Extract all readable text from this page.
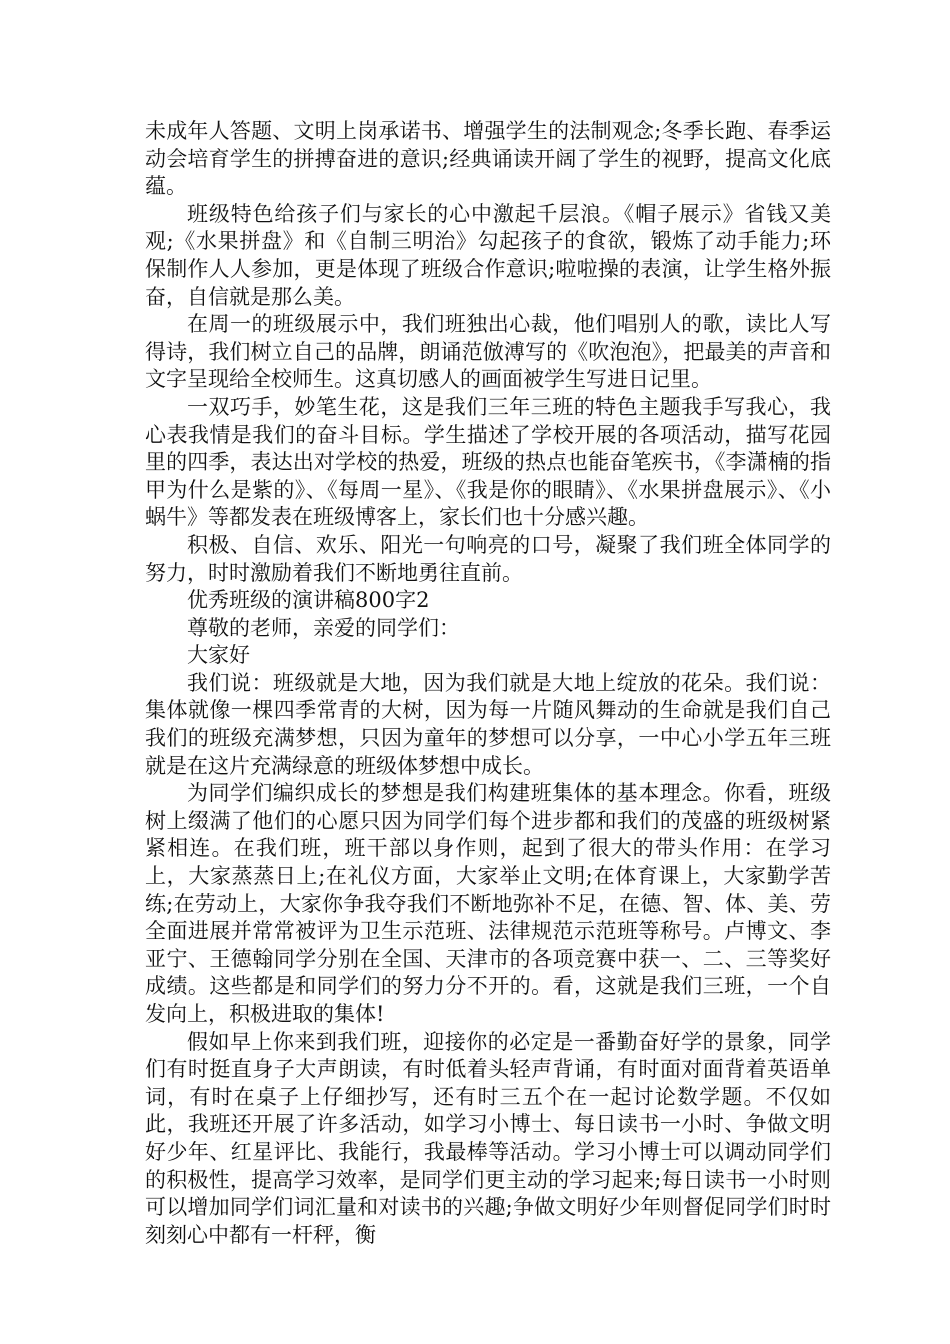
未成年人答题、文明上岗承诺书、增强学生的法制观念;冬季长跑、春季运动会培育学生的拼搏奋进的意识;经典诵读开阔了学生的视野，提高文化底蕴。

班级特色给孩子们与家长的心中激起千层浪。《帽子展示》省钱又美观;《水果拼盘》和《自制三明治》勾起孩子的食欲，锻炼了动手能力;环保制作人人参加，更是体现了班级合作意识;啦啦操的表演，让学生格外振奋，自信就是那么美。

在周一的班级展示中，我们班独出心裁，他们唱别人的歌，读比人写得诗，我们树立自己的品牌，朗诵范倣溥写的《吹泡泡》，把最美的声音和文字呈现给全校师生。这真切感人的画面被学生写进日记里。

一双巧手，妙笔生花，这是我们三年三班的特色主题我手写我心，我心表我情是我们的奋斗目标。学生描述了学校开展的各项活动，描写花园里的四季，表达出对学校的热爱，班级的热点也能奋笔疾书，《李潇楠的指甲为什么是紫的》、《每周一星》、《我是你的眼睛》、《水果拼盘展示》、《小蜗牛》等都发表在班级博客上，家长们也十分感兴趣。

积极、自信、欢乐、阳光一句响亮的口号，凝聚了我们班全体同学的努力，时时激励着我们不断地勇往直前。

优秀班级的演讲稿800字2

尊敬的老师，亲爱的同学们：

大家好

我们说：班级就是大地，因为我们就是大地上绽放的花朵。我们说：集体就像一棵四季常青的大树，因为每一片随风舞动的生命就是我们自己我们的班级充满梦想，只因为童年的梦想可以分享，一中心小学五年三班就是在这片充满绿意的班级体梦想中成长。

为同学们编织成长的梦想是我们构建班集体的基本理念。你看，班级树上缀满了他们的心愿只因为同学们每个进步都和我们的茂盛的班级树紧紧相连。在我们班，班干部以身作则，起到了很大的带头作用：在学习上，大家蒸蒸日上;在礼仪方面，大家举止文明;在体育课上，大家勤学苦练;在劳动上，大家你争我夺我们不断地弥补不足，在德、智、体、美、劳全面进展并常常被评为卫生示范班、法律规范示范班等称号。卢博文、李亚宁、王德翰同学分别在全国、天津市的各项竞赛中获一、二、三等奖好成绩。这些都是和同学们的努力分不开的。看，这就是我们三班，一个自发向上，积极进取的集体!

假如早上你来到我们班，迎接你的必定是一番勤奋好学的景象，同学们有时挺直身子大声朗读，有时低着头轻声背诵，有时面对面背着英语单词，有时在桌子上仔细抄写，还有时三五个在一起讨论数学题。不仅如此，我班还开展了许多活动，如学习小博士、每日读书一小时、争做文明好少年、红星评比、我能行，我最棒等活动。学习小博士可以调动同学们的积极性，提高学习效率，是同学们更主动的学习起来;每日读书一小时则可以增加同学们词汇量和对读书的兴趣;争做文明好少年则督促同学们时时刻刻心中都有一杆秤，衡
